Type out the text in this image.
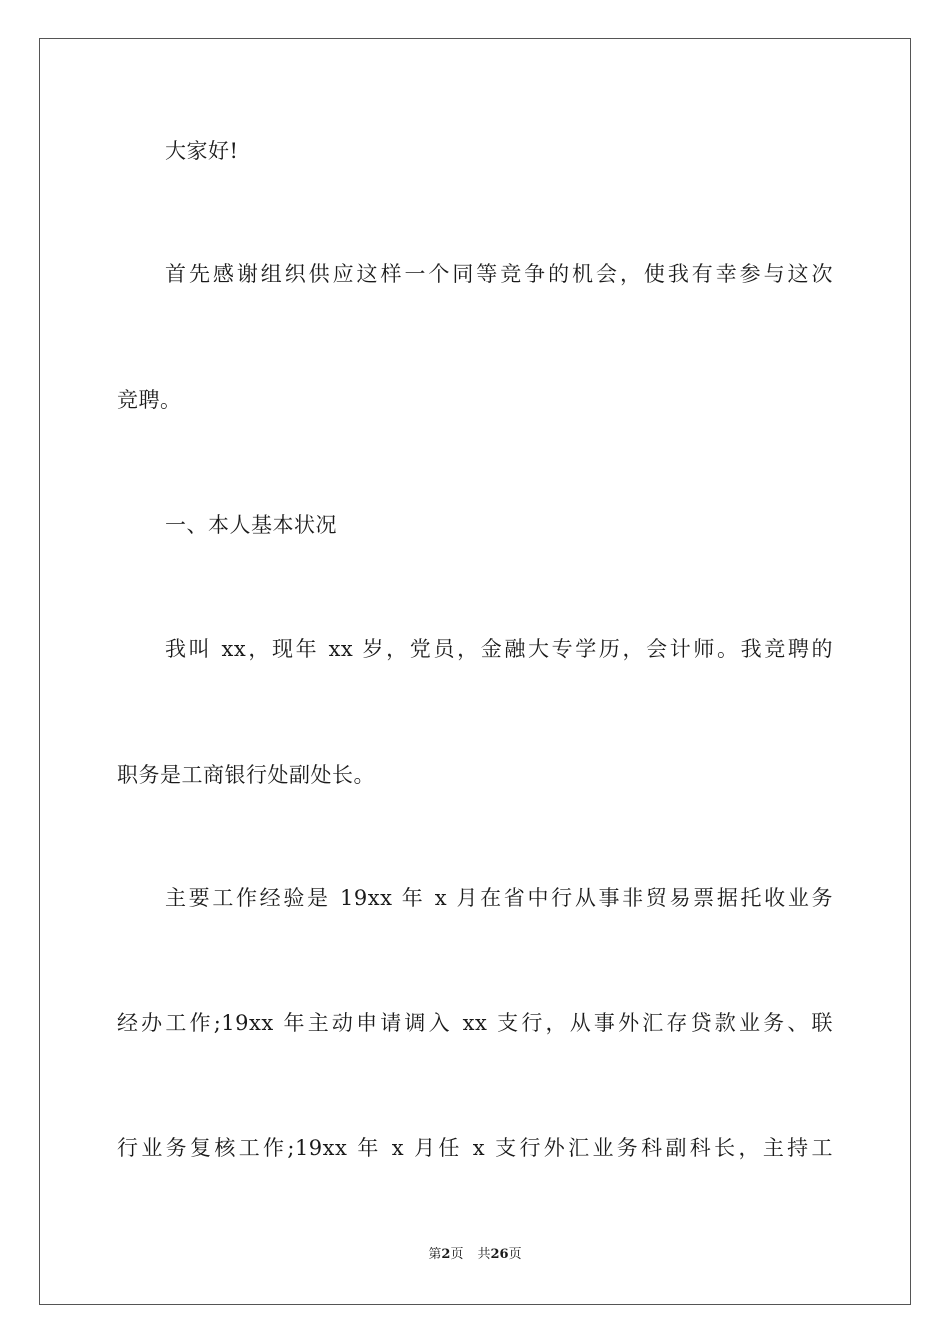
大家好!
首先感谢组织供应这样一个同等竞争的机会，使我有幸参与这次
竞聘。
一、本人基本状况
我叫 xx，现年 xx 岁，党员，金融大专学历，会计师。我竞聘的
职务是工商银行处副处长。
主要工作经验是 19xx 年 x 月在省中行从事非贸易票据托收业务
经办工作;19xx 年主动申请调入 xx 支行，从事外汇存贷款业务、联
行业务复核工作;19xx 年 x 月任 x 支行外汇业务科副科长，主持工
第2页 共26页
